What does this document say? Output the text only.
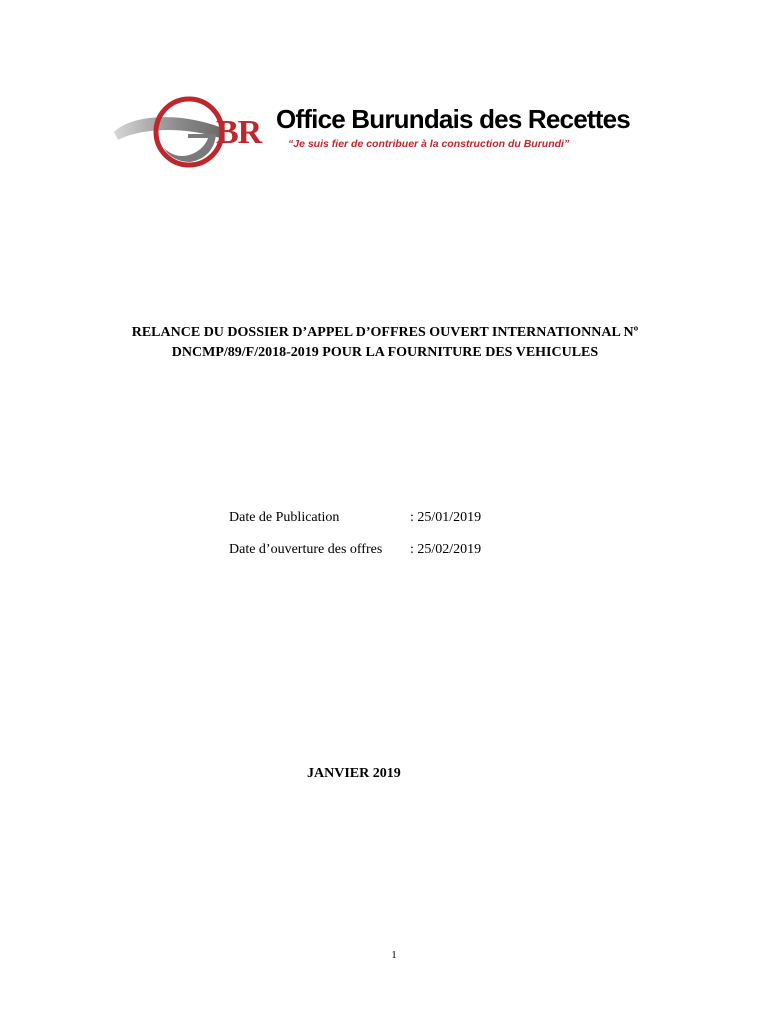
BR Office Burundais des Recettes
“Je suis fier de contribuer à la construction du Burundi”
RELANCE DU DOSSIER D’APPEL D’OFFRES OUVERT INTERNATIONNAL Nº
DNCMP/89/F/2018-2019 POUR LA FOURNITURE DES VEHICULES
Date de Publication	: 25/01/2019
Date d’ouverture des offres : 25/02/2019
JANVIER 2019
1
